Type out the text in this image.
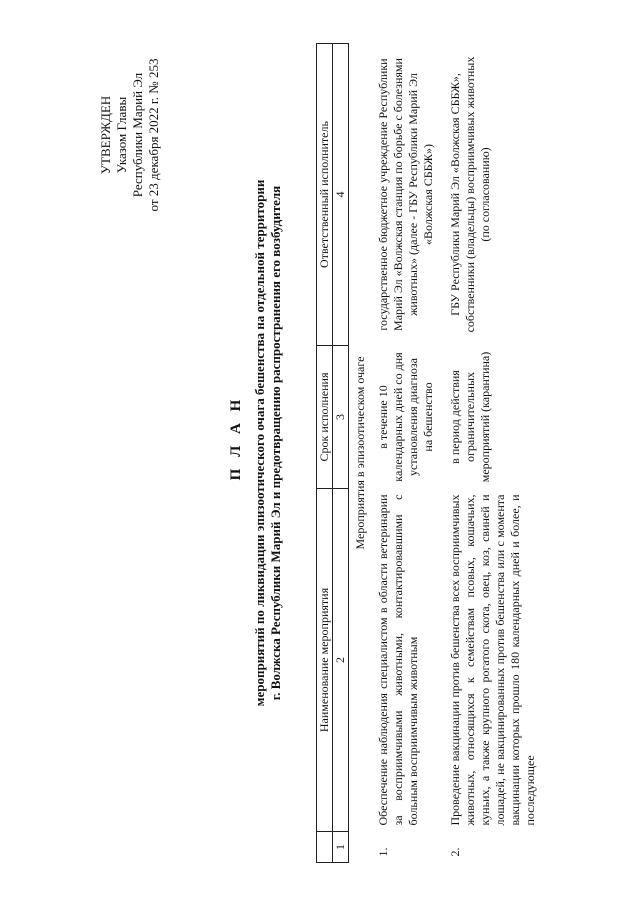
УТВЕРЖДЕН Указом Главы Республики Марий Эл от 23 декабря 2022 г. № 253
П Л А Н мероприятий по ликвидации эпизоотического очага бешенства на отдельной территории г. Волжска Республики Марий Эл и предотвращению распространения его возбудителя
		Наименование мероприятия	Срок исполнения	Ответственный исполнитель
1	2	3	4
Мероприятия в эпизоотическом очаге			
1.	Обеспечение наблюдения специалистом в области ветеринарии за восприимчивыми животными, контактировавшими с больным восприимчивым животным	в течение 10 календарных дней со дня установления диагноза на бешенство	государственное бюджетное учреждение Республики Марий Эл «Волжская станция по борьбе с болезнями животных» (далее - ГБУ Республики Марий Эл «Волжская СББЖ»)
2.	Проведение вакцинации против бешенства всех восприимчивых животных, относящихся к семействам псовых, кошачьих, куньих, а также крупного рогатого скота, овец, коз, свиней и лошадей, не вакцинированных против бешенства или с момента вакцинации которых прошло 180 календарных дней и более, и последующее	в период действия ограничительных мероприятий (карантина)	ГБУ Республики Марий Эл «Волжская СББЖ», собственники (владельцы) восприимчивых животных (по согласованию)
